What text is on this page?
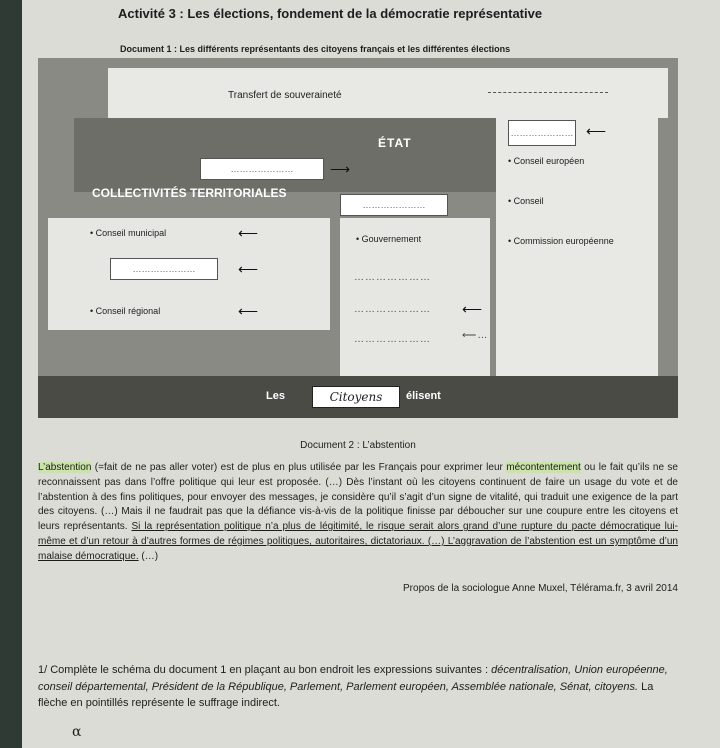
Activité 3 : Les élections, fondement de la démocratie représentative
Document 1 : Les différents représentants des citoyens français et les différentes élections
Transfert de souveraineté
ÉTAT
COLLECTIVITÉS TERRITORIALES
………………… ⟵
…………………	⟶
…………………
• Conseil européen
• Conseil
• Commission européenne
• Conseil municipal	⟵
…………………	⟵
• Conseil régional	⟵
• Gouvernement
…………………
………………… ⟵
…………………	⟵…
Les	Citoyens	élisent
Document 2 : L’abstention

L’abstention (=fait de ne pas aller voter) est de plus en plus utilisée par les Français pour exprimer leur mécontentement ou le fait qu’ils ne se reconnaissent pas dans l’offre politique qui leur est proposée. (…) Dès l’instant où les citoyens continuent de faire un usage du vote et de l’abstention à des fins politiques, pour envoyer des messages, je considère qu’il s’agit d’un signe de vitalité, qui traduit une exigence de la part des citoyens. (…) Mais il ne faudrait pas que la défiance vis-à-vis de la politique finisse par déboucher sur une coupure entre les citoyens et leurs représentants. Si la représentation politique n’a plus de légitimité, le risque serait alors grand d’une rupture du pacte démocratique lui-même et d’un retour à d’autres formes de régimes politiques, autoritaires, dictatoriaux. (…) L’aggravation de l’abstention est un symptôme d’un malaise démocratique. (…)

Propos de la sociologue Anne Muxel, Télérama.fr, 3 avril 2014
1/ Complète le schéma du document 1 en plaçant au bon endroit les expressions suivantes : décentralisation, Union européenne, conseil départemental, Président de la République, Parlement, Parlement européen, Assemblée nationale, Sénat, citoyens. La flèche en pointillés représente le suffrage indirect.
α
